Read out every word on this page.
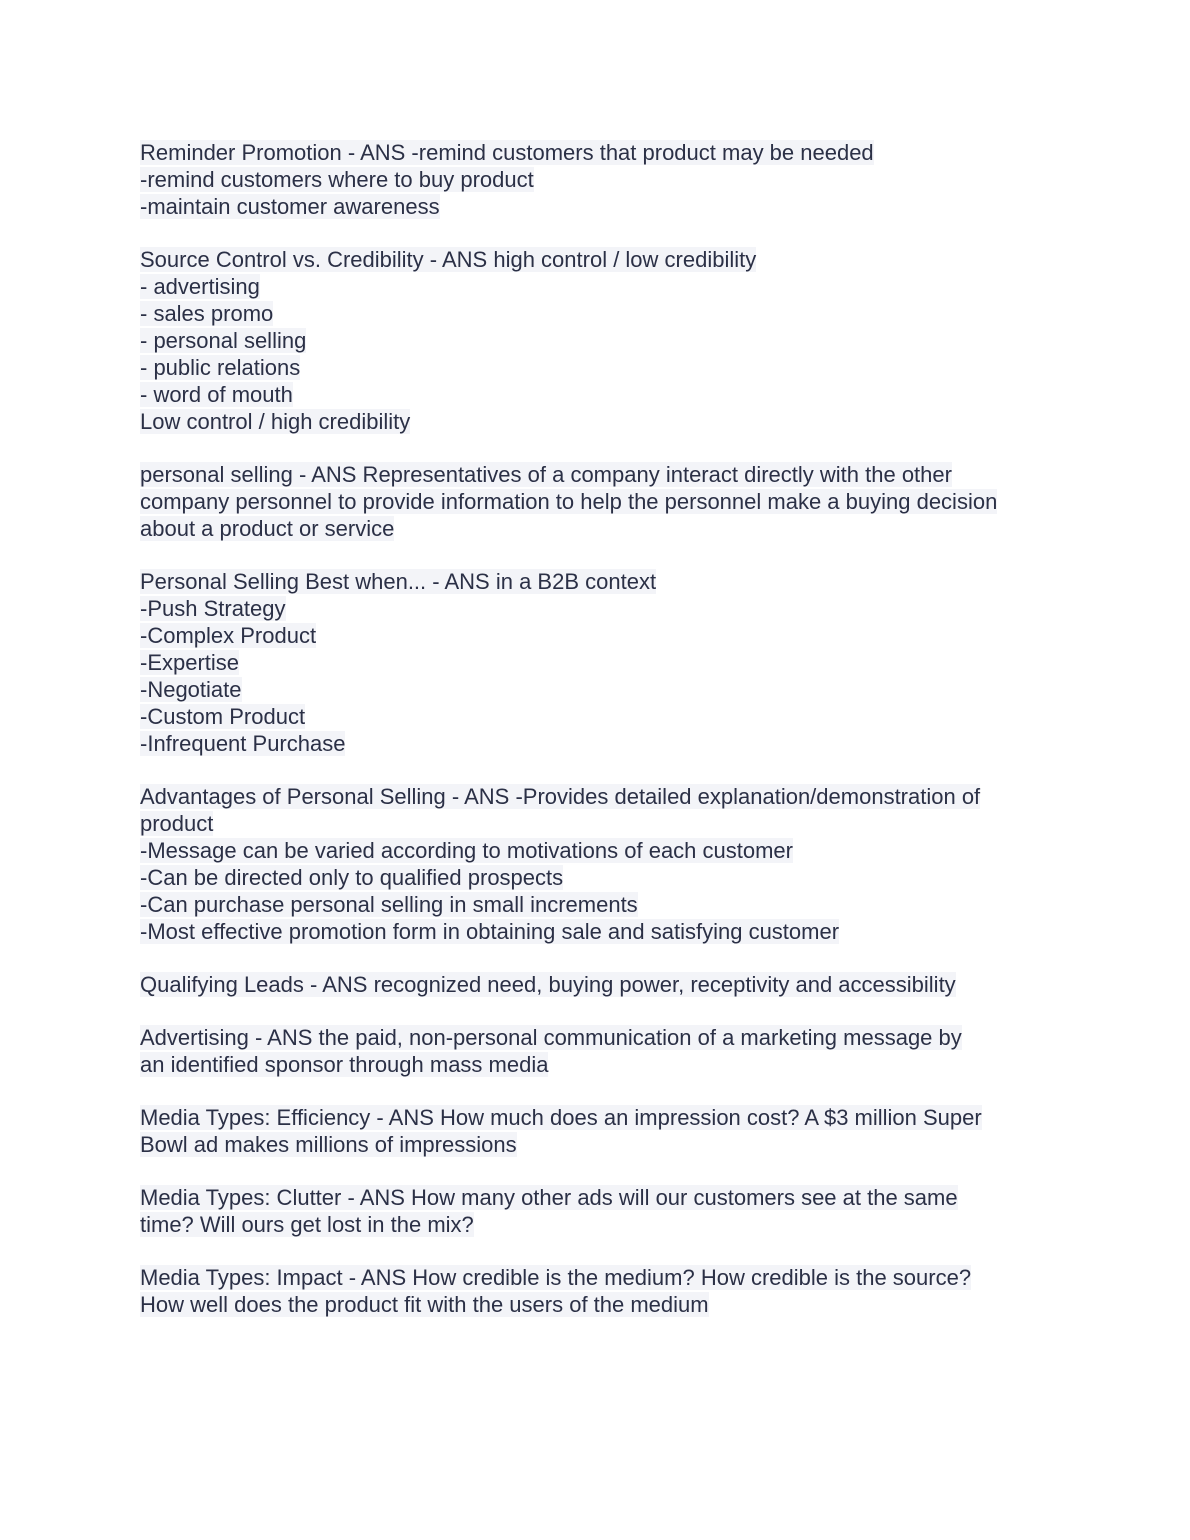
Reminder Promotion - ANS -remind customers that product may be needed
-remind customers where to buy product
-maintain customer awareness
Source Control vs. Credibility - ANS high control / low credibility
- advertising
- sales promo
- personal selling
- public relations
- word of mouth
Low control / high credibility
personal selling - ANS Representatives of a company interact directly with the other
company personnel to provide information to help the personnel make a buying decision
about a product or service
Personal Selling Best when... - ANS in a B2B context
-Push Strategy
-Complex Product
-Expertise
-Negotiate
-Custom Product
-Infrequent Purchase
Advantages of Personal Selling - ANS -Provides detailed explanation/demonstration of
product
-Message can be varied according to motivations of each customer
-Can be directed only to qualified prospects
-Can purchase personal selling in small increments
-Most effective promotion form in obtaining sale and satisfying customer
Qualifying Leads - ANS recognized need, buying power, receptivity and accessibility
Advertising - ANS the paid, non-personal communication of a marketing message by
an identified sponsor through mass media
Media Types: Efficiency - ANS How much does an impression cost? A $3 million Super
Bowl ad makes millions of impressions
Media Types: Clutter - ANS How many other ads will our customers see at the same
time? Will ours get lost in the mix?
Media Types: Impact - ANS How credible is the medium? How credible is the source?
How well does the product fit with the users of the medium
